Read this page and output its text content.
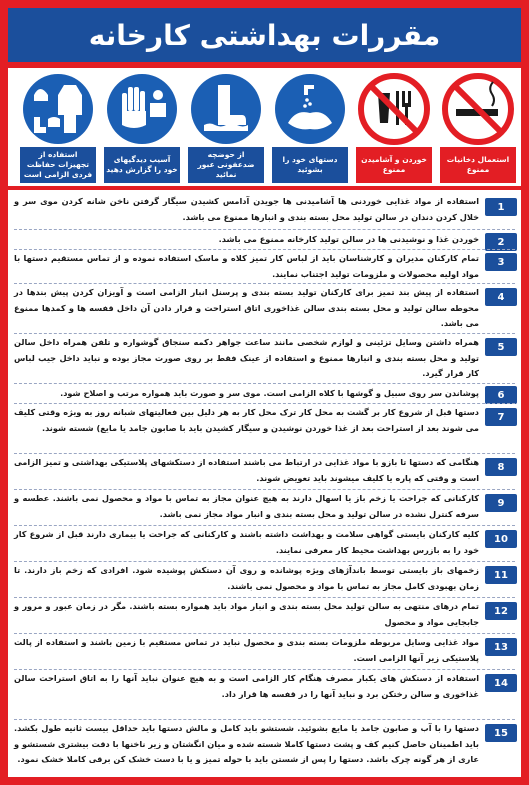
مقررات بهداشتی کارخانه
استعمال دخانیات ممنوع
خوردن و آشامیدن ممنوع
دستهای خود را بشوئید
از حوضچه ضدعفونی عبور نمائید
آسیب دیدگیهای خود را گزارش دهید
استفاده از تجهیزات حفاظت فردی الزامی است
1
استفاده از مواد غذایی خوردنی ها آشامیدنی ها جویدن آدامس کشیدن سیگار گرفتن ناخن شانه کردن موی سر و خلال کردن دندان در سالن تولید محل بسته بندی و انبارها ممنوع می باشد.
2
خوردن غذا و نوشیدنی ها در سالن تولید کارخانه ممنوع می باشد.
3
تمام کارکنان مدیران و کارشناسان باید از لباس کار تمیز کلاه و ماسک استفاده نموده و از تماس مستقیم دستها با مواد اولیه محصولات و ملزومات تولید اجتناب نمایند.
4
استفاده از پیش بند تمیز برای کارکنان تولید بسته بندی و پرسنل انبار الزامی است و آویزان کردن پیش بندها در محوطه سالن تولید و محل بسته بندی سالن غذاخوری اتاق استراحت و قرار دادن آن داخل قفسه ها و کمدها ممنوع می باشد.
5
همراه داشتن وسایل تزئینی و لوازم شخصی مانند ساعت جواهر دکمه سنجاق گوشواره و تلفن همراه داخل سالن تولید و محل بسته بندی و انبارها ممنوع و استفاده از عینک فقط بر روی صورت مجاز بوده و نباید داخل جیب لباس کار قرار گیرد.
6
پوشاندن سر روی سبیل و گوشها با کلاه الزامی است. موی سر و صورت باید همواره مرتب و اصلاح شود.
7
دستها قبل از شروع کار بر گشت به محل کار ترک محل کار به هر دلیل بین فعالیتهای شبانه روز به ویژه وقتی کلیف می شوند بعد از استراحت بعد از غذا خوردن نوشیدن و سیگار کشیدن باید با صابون جامد یا مایع) شسته شوند.
8
هنگامی که دستها تا بازو با مواد غذایی در ارتباط می باشند استفاده از دستکشهای پلاستیکی بهداشتی و تمیز الزامی است و وقتی که پاره یا کلیف میشوند باید تعویض شوند.
9
کارکنانی که جراحت یا زخم باز یا اسهال دارند به هیچ عنوان مجاز به تماس با مواد و محصول نمی باشند. عطسه و سرفه کنترل نشده در سالن تولید و محل بسته بندی و انبار مواد مجاز نمی باشد.
10
کلیه کارکنان بایستی گواهی سلامت و بهداشت داشته باشند و کارکنانی که جراحت یا بیماری دارند قبل از شروع کار خود را به بازرس بهداشت محیط کار معرفی نمایند.
11
زخمهای باز بایستی توسط باندآژهای ویژه پوشانده و روی آن دستکش پوشیده شود. افرادی که زخم باز دارند. تا زمان بهبودی کامل مجاز به تماس با مواد و محصول نمی باشند.
12
تمام درهای منتهی به سالن تولید محل بسته بندی و انبار مواد باید همواره بسته باشند. مگر در زمان عبور و مرور و جابجایی مواد و محصول
13
مواد غذایی وسایل مربوطه ملزومات بسته بندی و محصول نباید در تماس مستقیم با زمین باشند و استفاده از پالت پلاستیکی زیر آنها الزامی است.
14
استفاده از دستکش های یکبار مصرف هنگام کار الزامی است و به هیچ عنوان نباید آنها را به اتاق استراحت سالن غذاخوری و سالن رختکن برد و نباید آنها را در قفسه ها قرار داد.
15
دستها را با آب و صابون جامد یا مایع بشوئید. شستشو باید کامل و مالش دستها باید حداقل بیست ثانیه طول بکشد. باید اطمینان حاصل کنیم کف و پشت دستها کاملا شسته شده و میان انگشتان و زیر ناخنها با دقت بیشتری شستشو و عاری از هر گونه چرک باشد. دستها را پس از شستن باید با حوله تمیز و یا با دست خشک کن برقی کاملا خشک نمود.
